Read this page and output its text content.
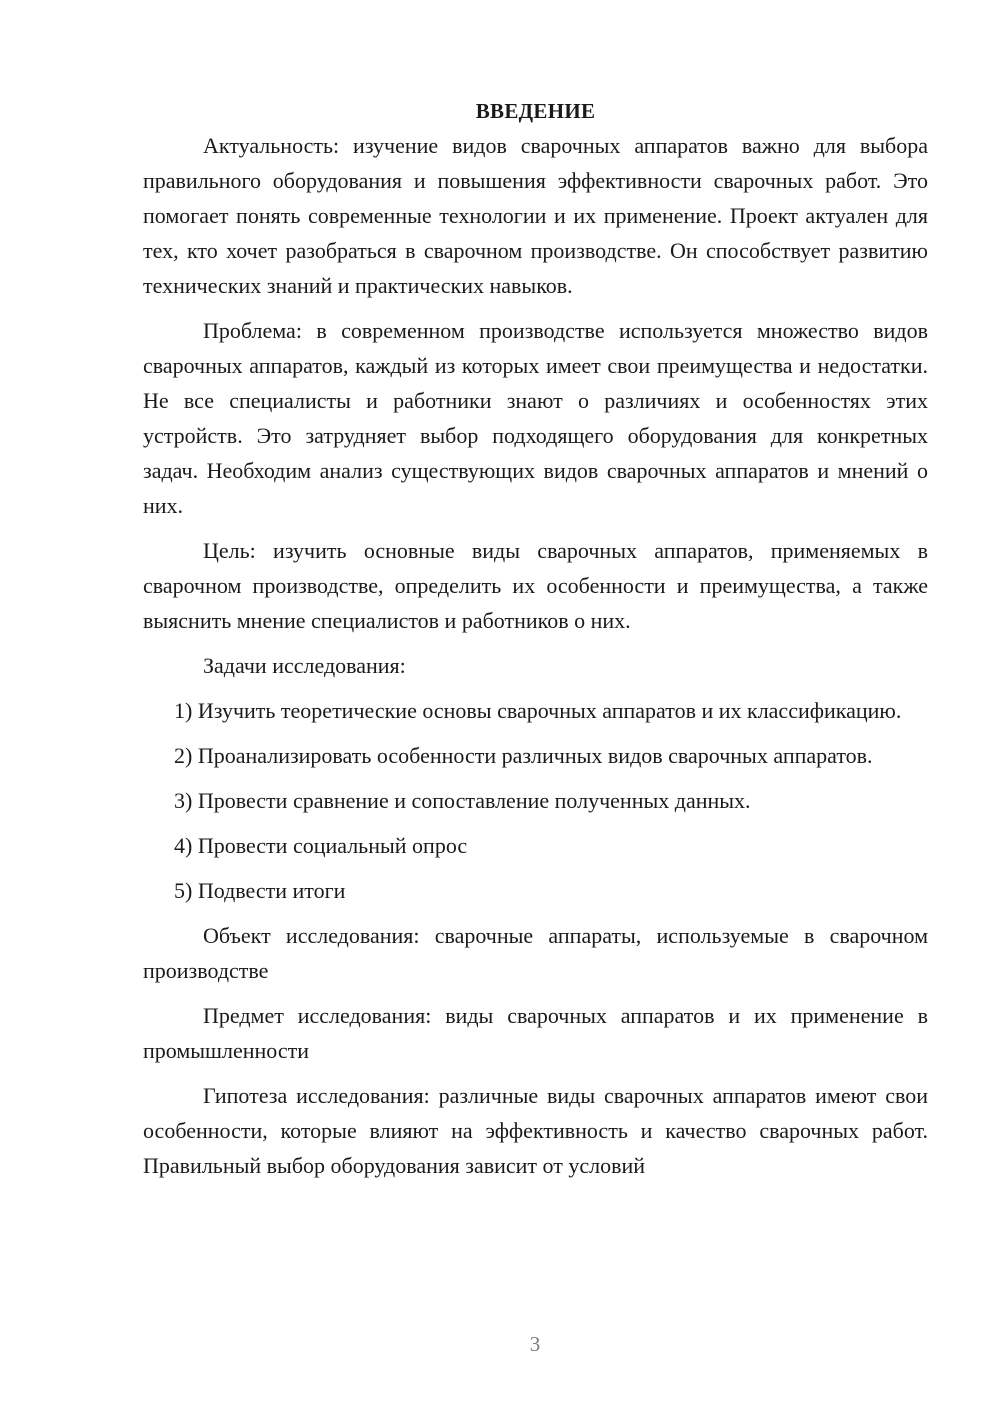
ВВЕДЕНИЕ

Актуальность: изучение видов сварочных аппаратов важно для выбора правильного оборудования и повышения эффективности сварочных работ. Это помогает понять современные технологии и их применение. Проект актуален для тех, кто хочет разобраться в сварочном производстве. Он способствует развитию технических знаний и практических навыков.

Проблема: в современном производстве используется множество видов сварочных аппаратов, каждый из которых имеет свои преимущества и недостатки. Не все специалисты и работники знают о различиях и особенностях этих устройств. Это затрудняет выбор подходящего оборудования для конкретных задач. Необходим анализ существующих видов сварочных аппаратов и мнений о них.

Цель: изучить основные виды сварочных аппаратов, применяемых в сварочном производстве, определить их особенности и преимущества, а также выяснить мнение специалистов и работников о них.

Задачи исследования:

1) Изучить теоретические основы сварочных аппаратов и их классификацию.

2) Проанализировать особенности различных видов сварочных аппаратов.

3) Провести сравнение и сопоставление полученных данных.

4) Провести социальный опрос

5) Подвести итоги

Объект исследования: сварочные аппараты, используемые в сварочном производстве

Предмет исследования: виды сварочных аппаратов и их применение в промышленности

Гипотеза исследования: различные виды сварочных аппаратов имеют свои особенности, которые влияют на эффективность и качество сварочных работ. Правильный выбор оборудования зависит от условий

3
